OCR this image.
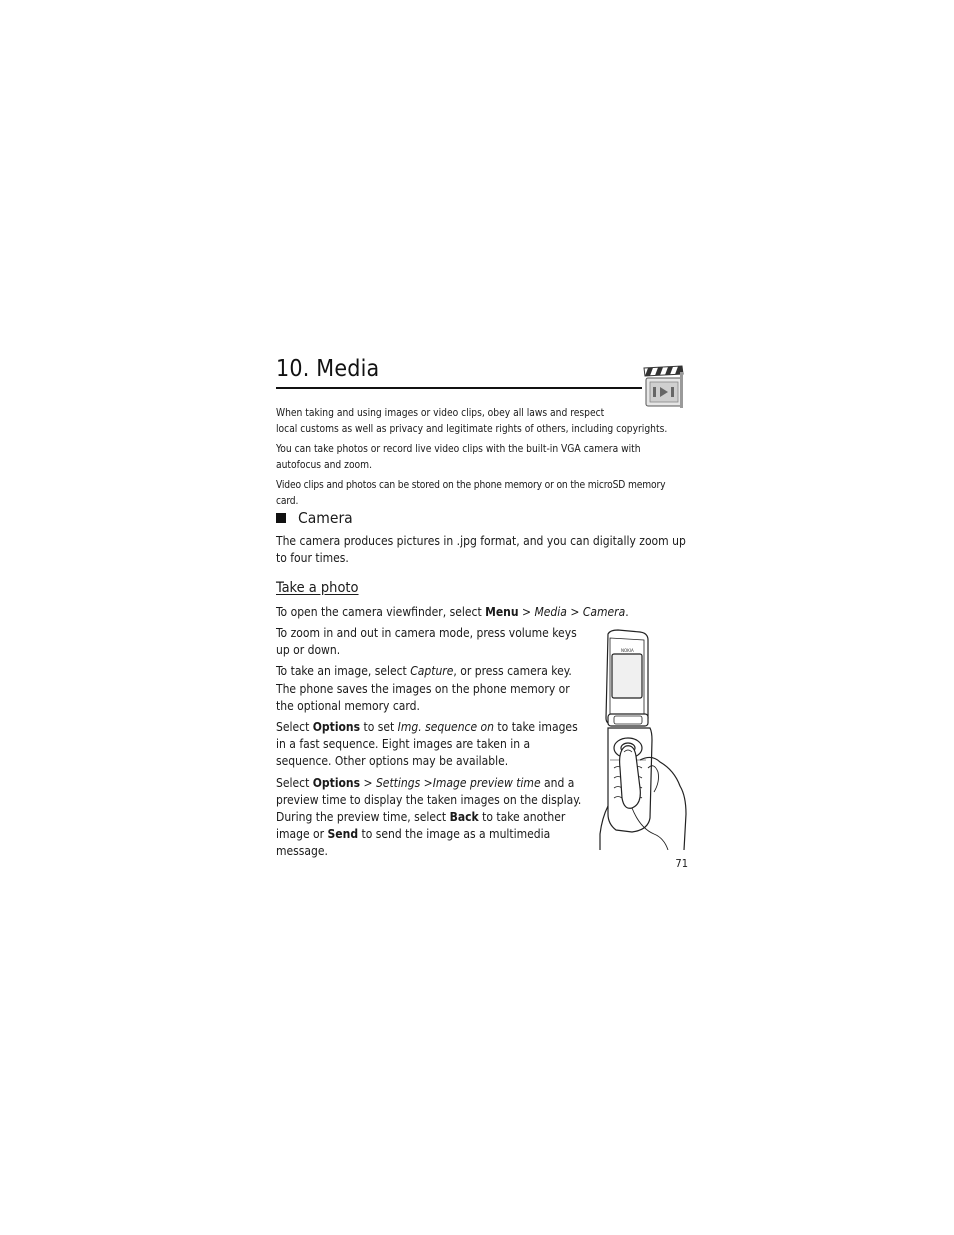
10. Media

When taking and using images or video clips, obey all laws and respect
local customs as well as privacy and legitimate rights of others, including copyrights.

You can take photos or record live video clips with the built-in VGA camera with autofocus and zoom.

Video clips and photos can be stored on the phone memory or on the microSD memory card.

Camera

The camera produces pictures in .jpg format, and you can digitally zoom up to four times.

Take a photo

To open the camera viewfinder, select Menu > Media > Camera.

To zoom in and out in camera mode, press volume keys up or down.

To take an image, select Capture, or press camera key. The phone saves the images on the phone memory or the optional memory card.

Select Options to set Img. sequence on to take images in a fast sequence. Eight images are taken in a sequence. Other options may be available.

Select Options > Settings >Image preview time and a preview time to display the taken images on the display. During the preview time, select Back to take another image or Send to send the image as a multimedia message.

NOKIA
71
